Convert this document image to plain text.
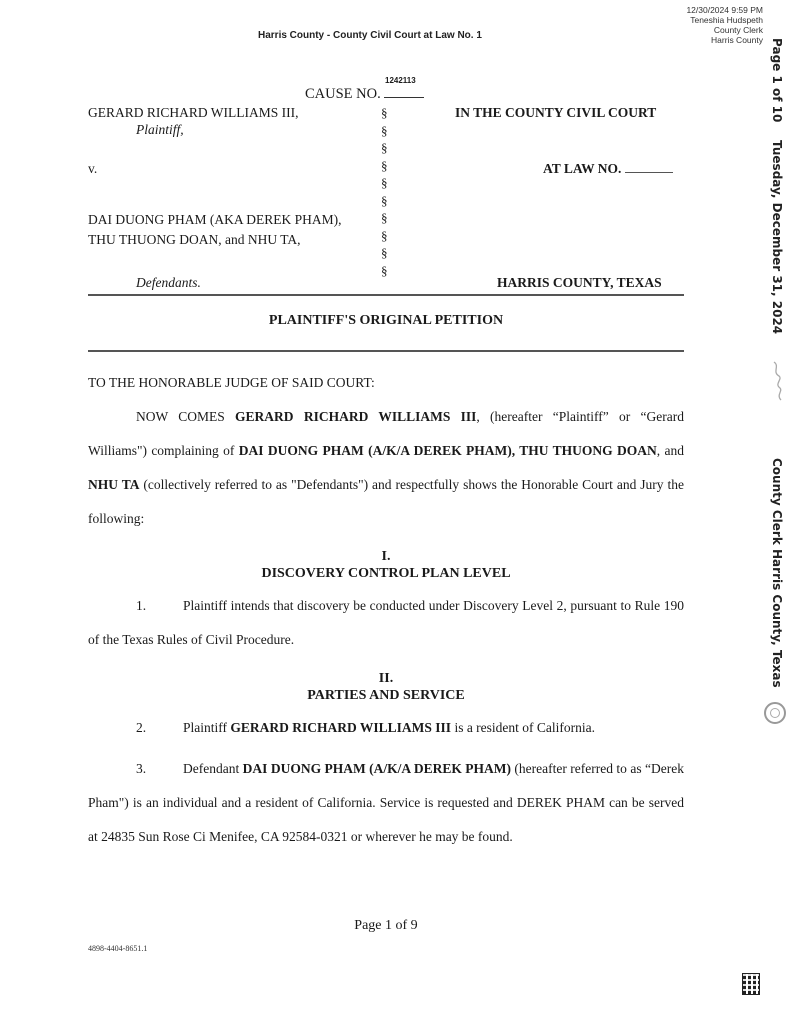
Harris County - County Civil Court at Law No. 1
12/30/2024 9:59 PM
Teneshia Hudspeth
County Clerk
Harris County
CAUSE NO.
1242113
GERARD RICHARD WILLIAMS III,
Plaintiff,
v.
DAI DUONG PHAM (AKA DEREK PHAM),
THU THUONG DOAN, and NHU TA,
Defendants.
§
§
§
§
§
§
§
§
§
§
IN THE COUNTY CIVIL COURT
AT LAW NO.
HARRIS COUNTY, TEXAS
PLAINTIFF'S ORIGINAL PETITION
TO THE HONORABLE JUDGE OF SAID COURT:
NOW COMES GERARD RICHARD WILLIAMS III, (hereafter “Plaintiff” or “Gerard Williams") complaining of DAI DUONG PHAM (A/K/A DEREK PHAM), THU THUONG DOAN, and NHU TA (collectively referred to as "Defendants") and respectfully shows the Honorable Court and Jury the following:
I.
DISCOVERY CONTROL PLAN LEVEL
1.	Plaintiff intends that discovery be conducted under Discovery Level 2, pursuant to Rule 190 of the Texas Rules of Civil Procedure.
II.
PARTIES AND SERVICE
2.	Plaintiff GERARD RICHARD WILLIAMS III is a resident of California.
3.	Defendant DAI DUONG PHAM (A/K/A DEREK PHAM) (hereafter referred to as “Derek Pham") is an individual and a resident of California. Service is requested and DEREK PHAM can be served at 24835 Sun Rose Ci Menifee, CA 92584-0321 or wherever he may be found.
Page 1 of 9
4898-4404-8651.1
Page 1 of 10
Tuesday, December 31, 2024
County Clerk Harris County, Texas
